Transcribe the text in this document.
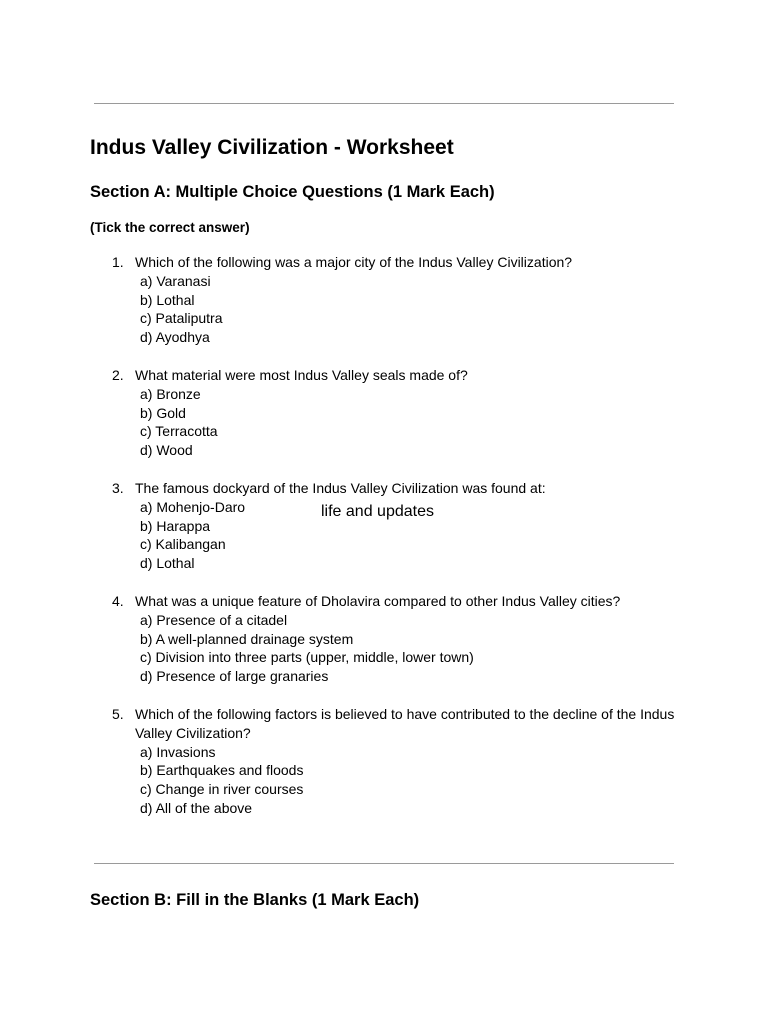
Indus Valley Civilization - Worksheet
Section A: Multiple Choice Questions (1 Mark Each)

(Tick the correct answer)

1. Which of the following was a major city of the Indus Valley Civilization?
a) Varanasi
b) Lothal
c) Pataliputra
d) Ayodhya
2. What material were most Indus Valley seals made of?
a) Bronze
b) Gold
c) Terracotta
d) Wood
3. The famous dockyard of the Indus Valley Civilization was found at:
a) Mohenjo-Daro
b) Harappa
c) Kalibangan
d) Lothal
life and updates
4. What was a unique feature of Dholavira compared to other Indus Valley cities?
a) Presence of a citadel
b) A well-planned drainage system
c) Division into three parts (upper, middle, lower town)
d) Presence of large granaries
5. Which of the following factors is believed to have contributed to the decline of the Indus Valley Civilization?
a) Invasions
b) Earthquakes and floods
c) Change in river courses
d) All of the above
Section B: Fill in the Blanks (1 Mark Each)
